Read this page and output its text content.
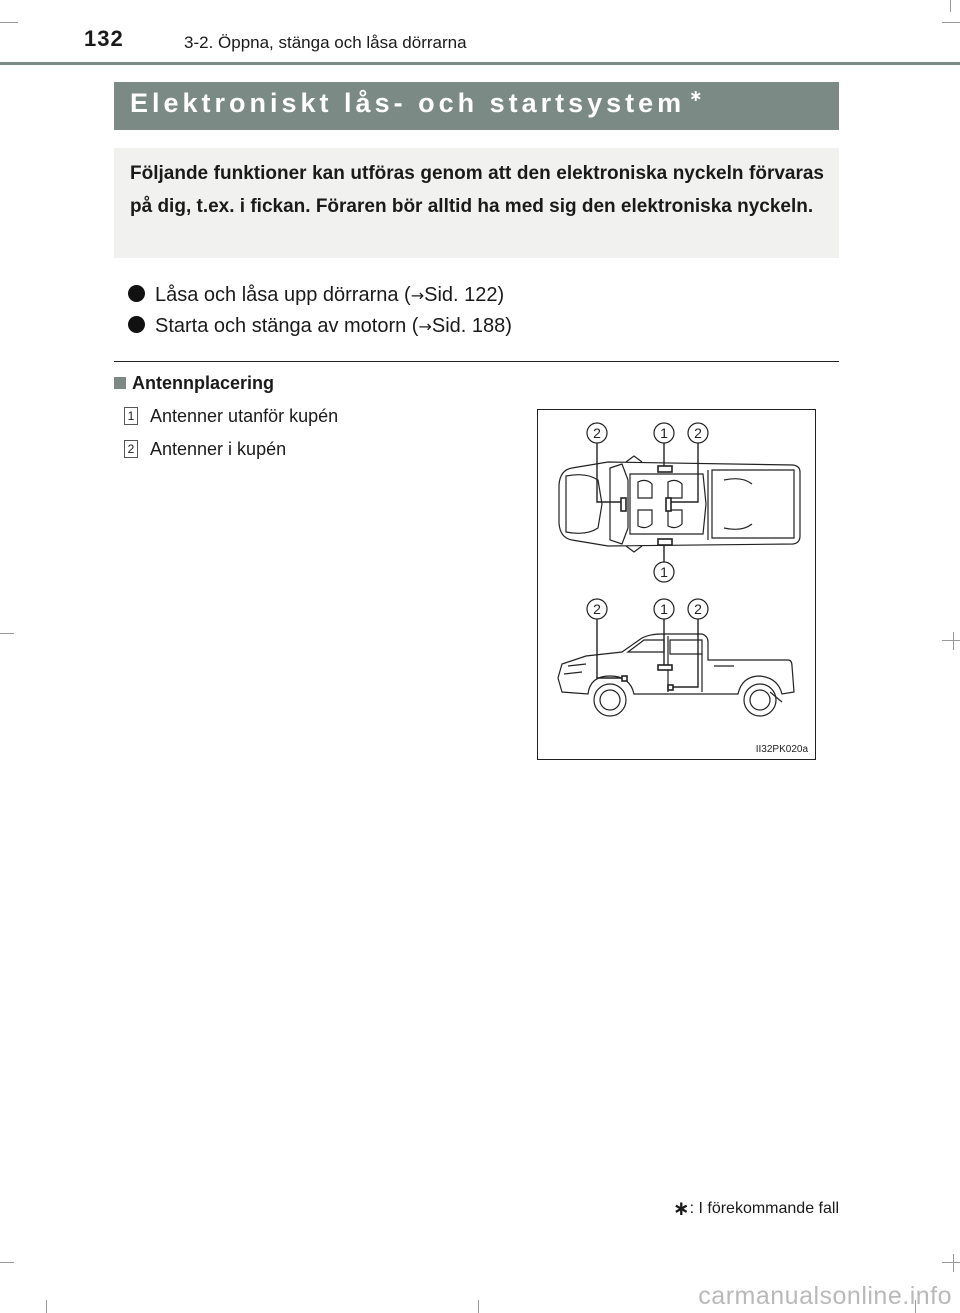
132	3-2. Öppna, stänga och låsa dörrarna
Elektroniskt lås- och startsystem ∗
Följande funktioner kan utföras genom att den elektroniska nyckeln förvaras på dig, t.ex. i fickan. Föraren bör alltid ha med sig den elektroniska nyckeln.
Låsa och låsa upp dörrarna (→Sid. 122)
Starta och stänga av motorn (→Sid. 188)
Antennplacering
1 Antenner utanför kupén
2 Antenner i kupén
2	1 2
1
2	1 2
II32PK020a
∗: I förekommande fall
carmanualsonline.info
